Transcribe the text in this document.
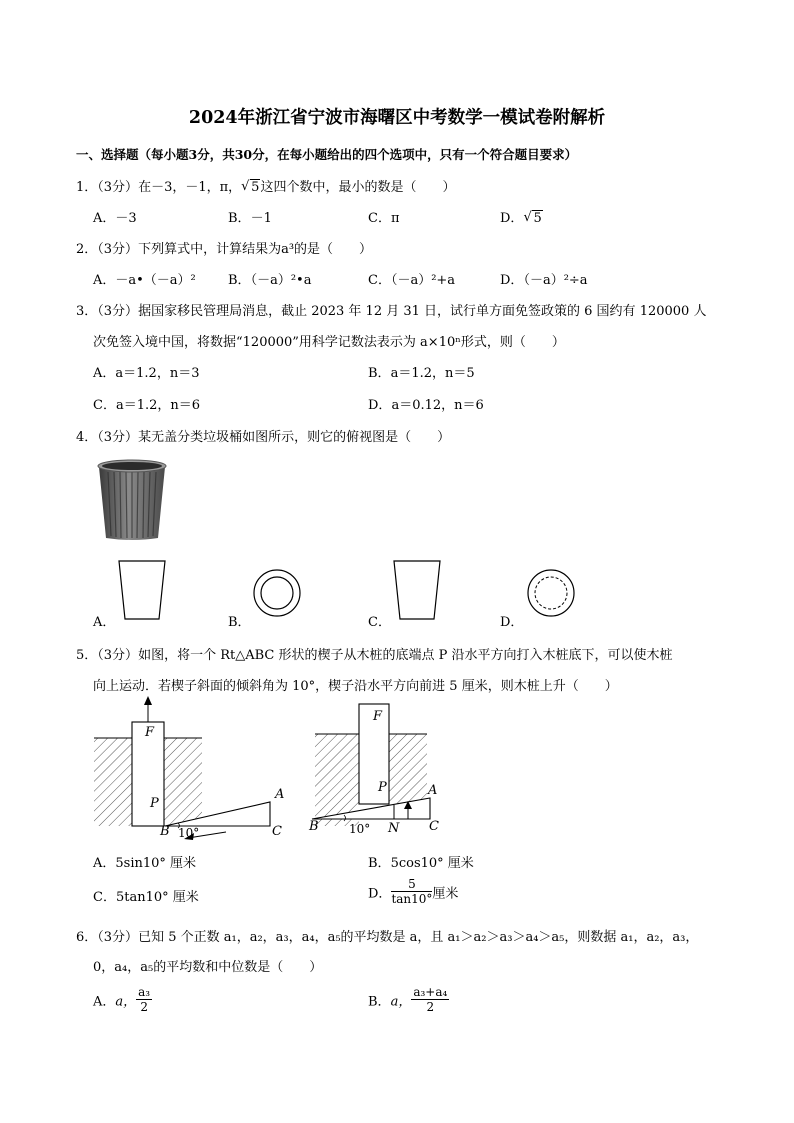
2024年浙江省宁波市海曙区中考数学一模试卷附解析
一、选择题（每小题3分，共30分，在每小题给出的四个选项中，只有一个符合题目要求）
1．（3分）在－3，－1，π， √ 5这四个数中，最小的数是（　　）
A．－3	B．－1	C．π	D． √ 5
2．（3分）下列算式中，计算结果为a³的是（　　）
A．－a•（－a）² B．（－a）²•a	C．（－a）²+a	D．（－a）²÷a
3．（3分）据国家移民管理局消息，截止 2023 年 12 月 31 日，试行单方面免签政策的 6 国约有 120000 人
次免签入境中国，将数据“120000”用科学记数法表示为 a×10ⁿ形式，则（　　）
A．a＝1.2，n＝3	B．a＝1.2，n＝5
C．a＝1.2，n＝6	D．a＝0.12，n＝6
4．（3分）某无盖分类垃圾桶如图所示，则它的俯视图是（　　）
A．	B．	C．	D．
5．（3分）如图，将一个 Rt△ABC 形状的楔子从木桩的底端点 P 沿水平方向打入木桩底下，可以使木桩
向上运动．若楔子斜面的倾斜角为 10°，楔子沿水平方向前进 5 厘米，则木桩上升（　　）
F
P
A
B	C
10°
F
P	A
B	C
N
10°
A．5sin10° 厘米	B．5cos10° 厘米
C．5tan10° 厘米	D． $\frac{5}{\tan 10^\circ}$ 厘米
6．（3分）已知 5 个正数 a₁，a₂，a₃，a₄，a₅的平均数是 a，且 a₁＞a₂＞a₃＞a₄＞a₅，则数据 a₁，a₂，a₃，
0，a₄，a₅的平均数和中位数是（　　）
A．a， $\frac{\text{a₃}}{2}$	B．a， $\frac{\text{a₃+a₄}}{2}$
